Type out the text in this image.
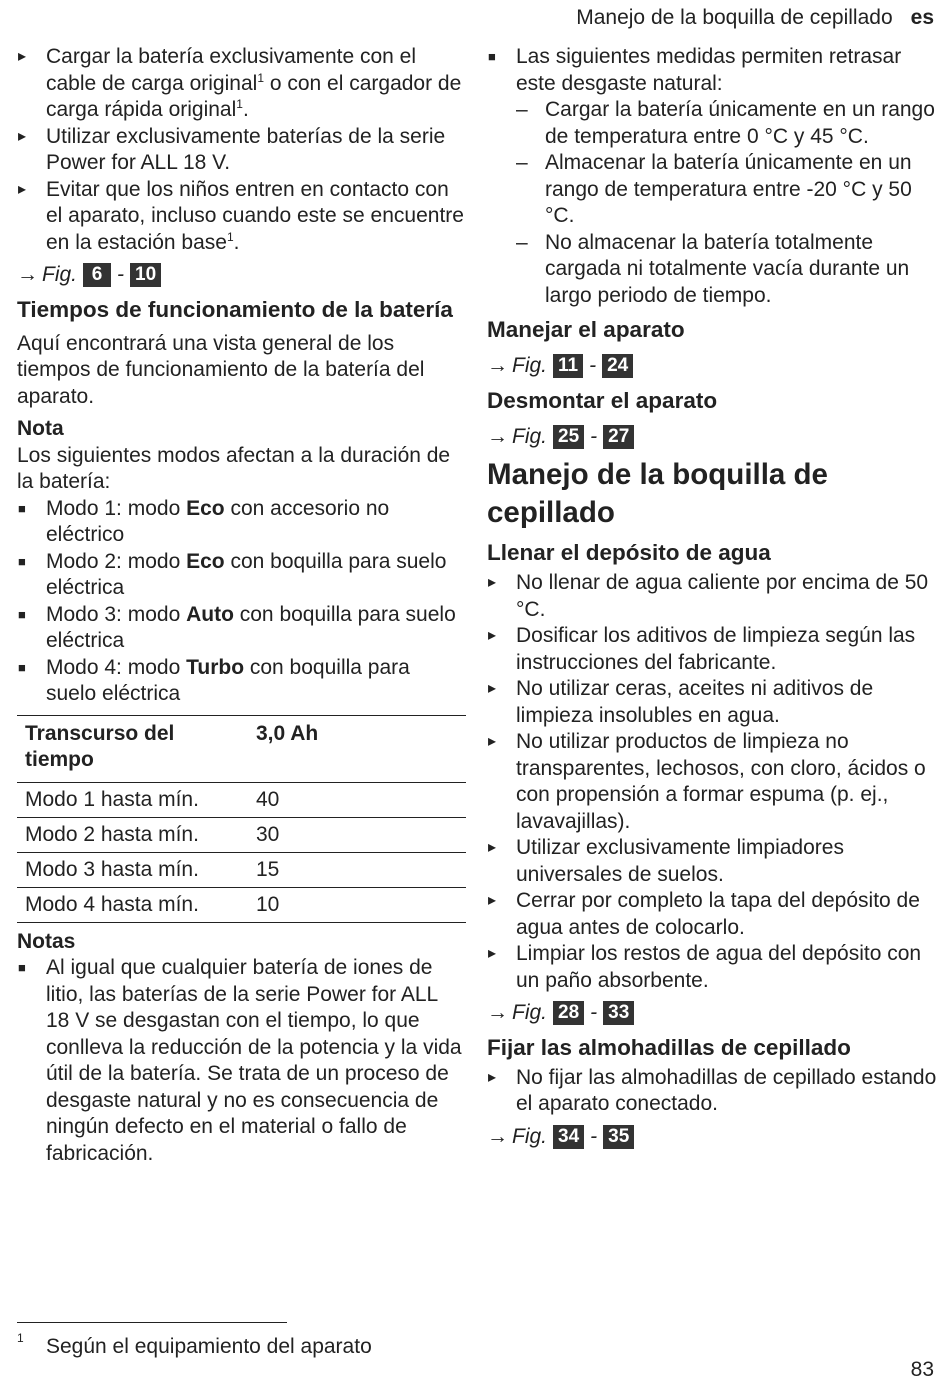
Manejo de la boquilla de cepillado es
▸ Cargar la batería exclusivamente con el cable de carga original$^1$ o con el cargador de carga rápida original$^1$.
▸ Utilizar exclusivamente baterías de la serie Power for ALL 18 V.
▸ Evitar que los niños entren en contacto con el aparato, incluso cuando este se encuentre en la estación base$^1$.
→ Fig. 6 - 10
Tiempos de funcionamiento de la batería

Aquí encontrará una vista general de los tiempos de funcionamiento de la batería del aparato.

Nota

Los siguientes modos afectan a la duración de la batería:

■ Modo 1: modo Eco con accesorio no eléctrico
■ Modo 2: modo Eco con boquilla para suelo eléctrica
■ Modo 3: modo Auto con boquilla para suelo eléctrica
■ Modo 4: modo Turbo con boquilla para suelo eléctrica
Transcurso del tiempo	3,0 Ah
Modo 1 hasta mín.	40
Modo 2 hasta mín.	30
Modo 3 hasta mín.	15
Modo 4 hasta mín.	10
Notas
■ Al igual que cualquier batería de iones de litio, las baterías de la serie Power for ALL 18 V se desgastan con el tiempo, lo que conlleva la reducción de la potencia y la vida útil de la batería. Se trata de un proceso de desgaste natural y no es consecuencia de ningún defecto en el material o fallo de fabricación.
■ Las siguientes medidas permiten retrasar este desgaste natural:
– Cargar la batería únicamente en un rango de temperatura entre 0 °C y 45 °C.
– Almacenar la batería únicamente en un rango de temperatura entre -20 °C y 50 °C.
– No almacenar la batería totalmente cargada ni totalmente vacía durante un largo periodo de tiempo.
Manejar el aparato
→ Fig. 11 - 24
Desmontar el aparato
→ Fig. 25 - 27
Manejo de la boquilla de cepillado
Llenar el depósito de agua
▸ No llenar de agua caliente por encima de 50 °C.
▸ Dosificar los aditivos de limpieza según las instrucciones del fabricante.
▸ No utilizar ceras, aceites ni aditivos de limpieza insolubles en agua.
▸ No utilizar productos de limpieza no transparentes, lechosos, con cloro, ácidos o con propensión a formar espuma (p. ej., lavavajillas).
▸ Utilizar exclusivamente limpiadores universales de suelos.
▸ Cerrar por completo la tapa del depósito de agua antes de colocarlo.
▸ Limpiar los restos de agua del depósito con un paño absorbente.
→ Fig. 28 - 33
Fijar las almohadillas de cepillado
▸ No fijar las almohadillas de cepillado estando el aparato conectado.
→ Fig. 34 - 35
1	Según el equipamiento del aparato
83
